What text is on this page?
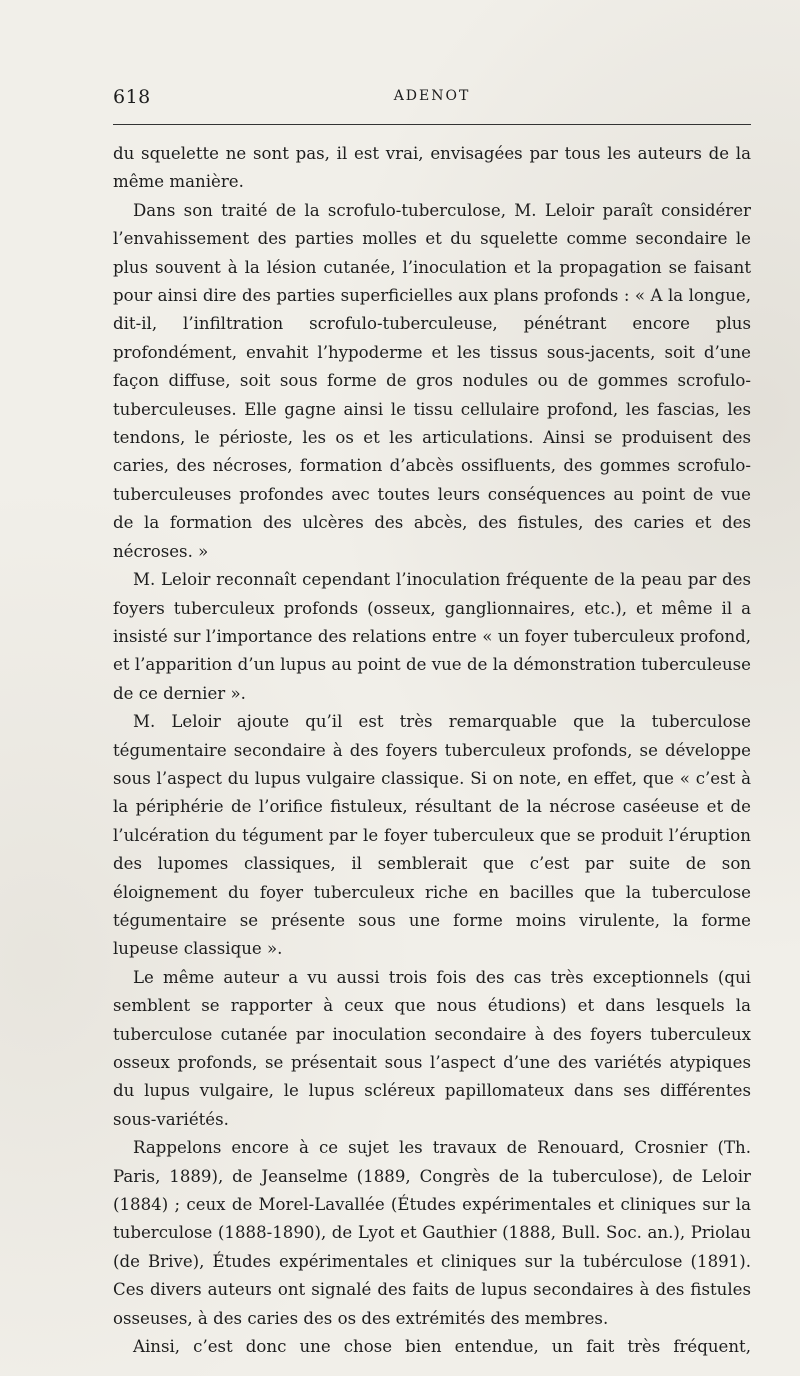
618	ADENOT

du squelette ne sont pas, il est vrai, envisagées par tous les auteurs de la même manière.

Dans son traité de la scrofulo-tuberculose, M. Leloir paraît considérer l’envahissement des parties molles et du squelette comme secondaire le plus souvent à la lésion cutanée, l’inoculation et la propagation se faisant pour ainsi dire des parties superficielles aux plans profonds : « A la longue, dit-il, l’infiltration scrofulo-tuberculeuse, pénétrant encore plus profondément, envahit l’hypoderme et les tissus sous-jacents, soit d’une façon diffuse, soit sous forme de gros nodules ou de gommes scrofulo-tuberculeuses. Elle gagne ainsi le tissu cellulaire profond, les fascias, les tendons, le périoste, les os et les articulations. Ainsi se produisent des caries, des nécroses, formation d’abcès ossifluents, des gommes scrofulo-tuberculeuses profondes avec toutes leurs conséquences au point de vue de la formation des ulcères des abcès, des fistules, des caries et des nécroses. »

M. Leloir reconnaît cependant l’inoculation fréquente de la peau par des foyers tuberculeux profonds (osseux, ganglionnaires, etc.), et même il a insisté sur l’importance des relations entre « un foyer tuberculeux profond, et l’apparition d’un lupus au point de vue de la démonstration tuberculeuse de ce dernier ».

M. Leloir ajoute qu’il est très remarquable que la tuberculose tégumentaire secondaire à des foyers tuberculeux profonds, se développe sous l’aspect du lupus vulgaire classique. Si on note, en effet, que « c’est à la périphérie de l’orifice fistuleux, résultant de la nécrose caséeuse et de l’ulcération du tégument par le foyer tuberculeux que se produit l’éruption des lupomes classiques, il semblerait que c’est par suite de son éloignement du foyer tuberculeux riche en bacilles que la tuberculose tégumentaire se présente sous une forme moins virulente, la forme lupeuse classique ».

Le même auteur a vu aussi trois fois des cas très exceptionnels (qui semblent se rapporter à ceux que nous étudions) et dans lesquels la tuberculose cutanée par inoculation secondaire à des foyers tuberculeux osseux profonds, se présentait sous l’aspect d’une des variétés atypiques du lupus vulgaire, le lupus scléreux papillomateux dans ses différentes sous-variétés.

Rappelons encore à ce sujet les travaux de Renouard, Crosnier (Th. Paris, 1889), de Jeanselme (1889, Congrès de la tuberculose), de Leloir (1884) ; ceux de Morel-Lavallée (Études expérimentales et cliniques sur la tuberculose (1888-1890), de Lyot et Gauthier (1888, Bull. Soc. an.), Priolau (de Brive), Études expérimentales et cliniques sur la tubérculose (1891). Ces divers auteurs ont signalé des faits de lupus secondaires à des fistules osseuses, à des caries des os des extrémités des membres.

Ainsi, c’est donc une chose bien entendue, un fait très fréquent,
